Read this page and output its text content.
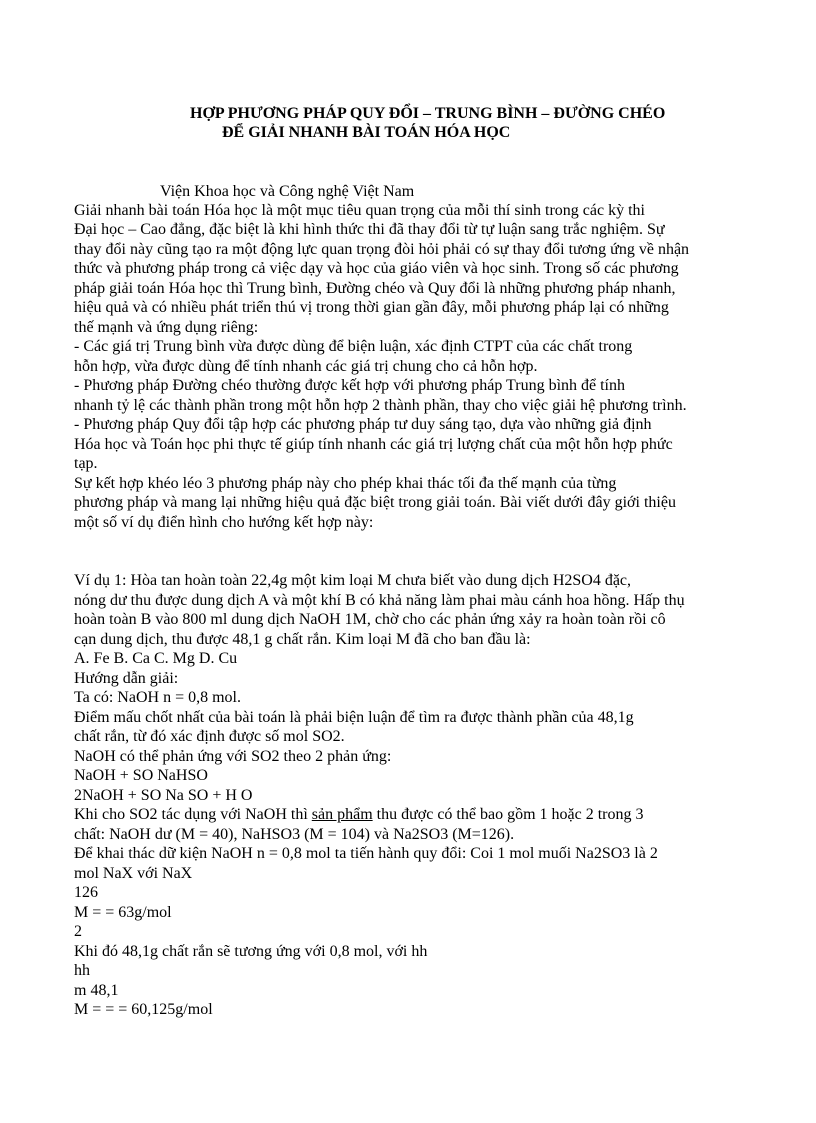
HỢP PHƯƠNG PHÁP QUY ĐỔI – TRUNG BÌNH – ĐƯỜNG CHÉO
ĐỂ GIẢI NHANH BÀI TOÁN HÓA HỌC
Viện Khoa học và Công nghệ Việt Nam
Giải nhanh bài toán Hóa học là một mục tiêu quan trọng của mỗi thí sinh trong các kỳ thi
Đại học – Cao đẳng, đặc biệt là khi hình thức thi đã thay đổi từ tự luận sang trắc nghiệm. Sự
thay đổi này cũng tạo ra một động lực quan trọng đòi hỏi phải có sự thay đổi tương ứng về nhận
thức và phương pháp trong cả việc dạy và học của giáo viên và học sinh. Trong số các phương
pháp giải toán Hóa học thì Trung bình, Đường chéo và Quy đổi là những phương pháp nhanh,
hiệu quả và có nhiều phát triển thú vị trong thời gian gần đây, mỗi phương pháp lại có những
thế mạnh và ứng dụng riêng:
- Các giá trị Trung bình vừa được dùng để biện luận, xác định CTPT của các chất trong
hỗn hợp, vừa được dùng để tính nhanh các giá trị chung cho cả hỗn hợp.
- Phương pháp Đường chéo thường được kết hợp với phương pháp Trung bình để tính
nhanh tỷ lệ các thành phần trong một hỗn hợp 2 thành phần, thay cho việc giải hệ phương trình.
- Phương pháp Quy đổi tập hợp các phương pháp tư duy sáng tạo, dựa vào những giả định
Hóa học và Toán học phi thực tế giúp tính nhanh các giá trị lượng chất của một hỗn hợp phức
tạp.
Sự kết hợp khéo léo 3 phương pháp này cho phép khai thác tối đa thế mạnh của từng
phương pháp và mang lại những hiệu quả đặc biệt trong giải toán. Bài viết dưới đây giới thiệu
một số ví dụ điển hình cho hướng kết hợp này:
Ví dụ 1: Hòa tan hoàn toàn 22,4g một kim loại M chưa biết vào dung dịch H2SO4 đặc,
nóng dư thu được dung dịch A và một khí B có khả năng làm phai màu cánh hoa hồng. Hấp thụ
hoàn toàn B vào 800 ml dung dịch NaOH 1M, chờ cho các phản ứng xảy ra hoàn toàn rồi cô
cạn dung dịch, thu được 48,1 g chất rắn. Kim loại M đã cho ban đầu là:
A. Fe B. Ca C. Mg D. Cu
Hướng dẫn giải:
Ta có: NaOH n = 0,8 mol.
Điểm mấu chốt nhất của bài toán là phải biện luận để tìm ra được thành phần của 48,1g
chất rắn, từ đó xác định được số mol SO2.
NaOH có thể phản ứng với SO2 theo 2 phản ứng:
NaOH + SO NaHSO
2NaOH + SO Na SO + H O
Khi cho SO2 tác dụng với NaOH thì sản phẩm thu được có thể bao gồm 1 hoặc 2 trong 3
chất: NaOH dư (M = 40), NaHSO3 (M = 104) và Na2SO3 (M=126).
Để khai thác dữ kiện NaOH n = 0,8 mol ta tiến hành quy đổi: Coi 1 mol muối Na2SO3 là 2
mol NaX với NaX
126
M = = 63g/mol
2
Khi đó 48,1g chất rắn sẽ tương ứng với 0,8 mol, với hh
hh
m 48,1
M = = = 60,125g/mol
